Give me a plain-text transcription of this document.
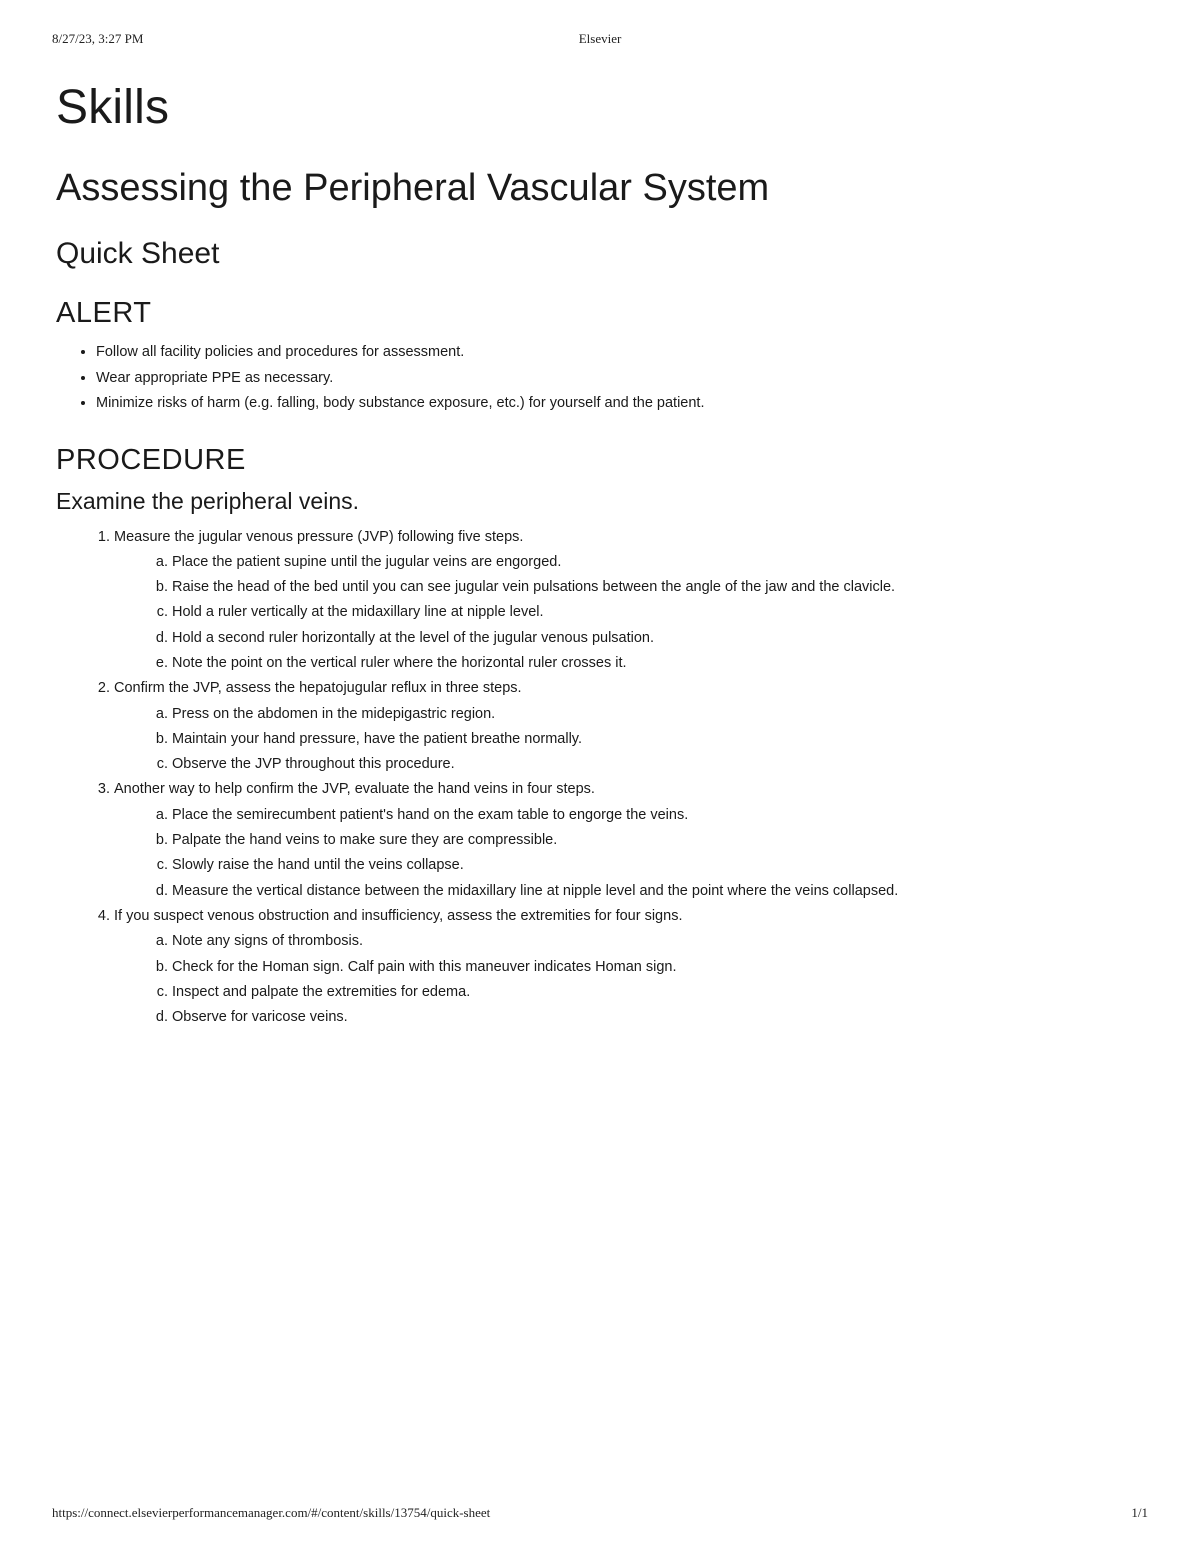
8/27/23, 3:27 PM	Elsevier
Skills
Assessing the Peripheral Vascular System
Quick Sheet
ALERT
• Follow all facility policies and procedures for assessment.
• Wear appropriate PPE as necessary.
• Minimize risks of harm (e.g. falling, body substance exposure, etc.) for yourself and the patient.
PROCEDURE
Examine the peripheral veins.
1. Measure the jugular venous pressure (JVP) following five steps.
a. Place the patient supine until the jugular veins are engorged.
b. Raise the head of the bed until you can see jugular vein pulsations between the angle of the jaw and the clavicle.
c. Hold a ruler vertically at the midaxillary line at nipple level.
d. Hold a second ruler horizontally at the level of the jugular venous pulsation.
e. Note the point on the vertical ruler where the horizontal ruler crosses it.
2. Confirm the JVP, assess the hepatojugular reflux in three steps.
a. Press on the abdomen in the midepigastric region.
b. Maintain your hand pressure, have the patient breathe normally.
c. Observe the JVP throughout this procedure.
3. Another way to help confirm the JVP, evaluate the hand veins in four steps.
a. Place the semirecumbent patient's hand on the exam table to engorge the veins.
b. Palpate the hand veins to make sure they are compressible.
c. Slowly raise the hand until the veins collapse.
d. Measure the vertical distance between the midaxillary line at nipple level and the point where the veins collapsed.
4. If you suspect venous obstruction and insufficiency, assess the extremities for four signs.
a. Note any signs of thrombosis.
b. Check for the Homan sign. Calf pain with this maneuver indicates Homan sign.
c. Inspect and palpate the extremities for edema.
d. Observe for varicose veins.
https://connect.elsevierperformancemanager.com/#/content/skills/13754/quick-sheet	1/1
